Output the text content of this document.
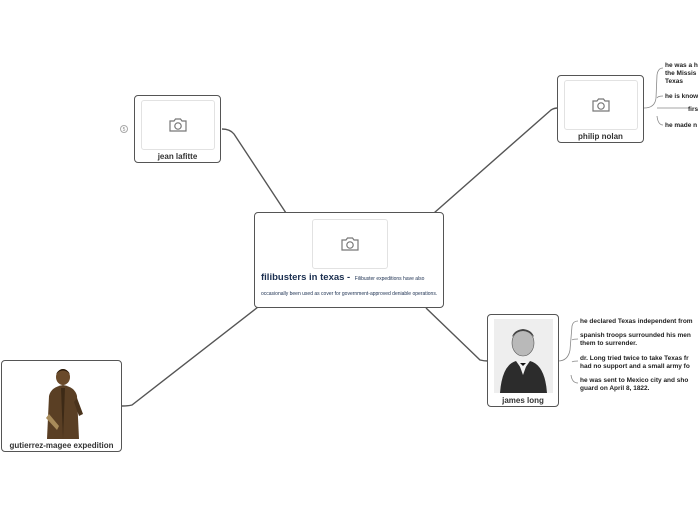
filibusters in texas - Filibuster expeditions have also occasionally been used as cover for government-approved deniable operations.
5
jean lafitte
philip nolan
he was a h
the Missis
Texas
he is know
firs
he made n
james long
he declared Texas independent from
spanish troops surrounded his men
them to surrender.
dr. Long tried twice to take Texas fr
had no support and a small army fo
he was sent to Mexico city and sho
guard on April 8, 1822.
gutierrez-magee expedition
